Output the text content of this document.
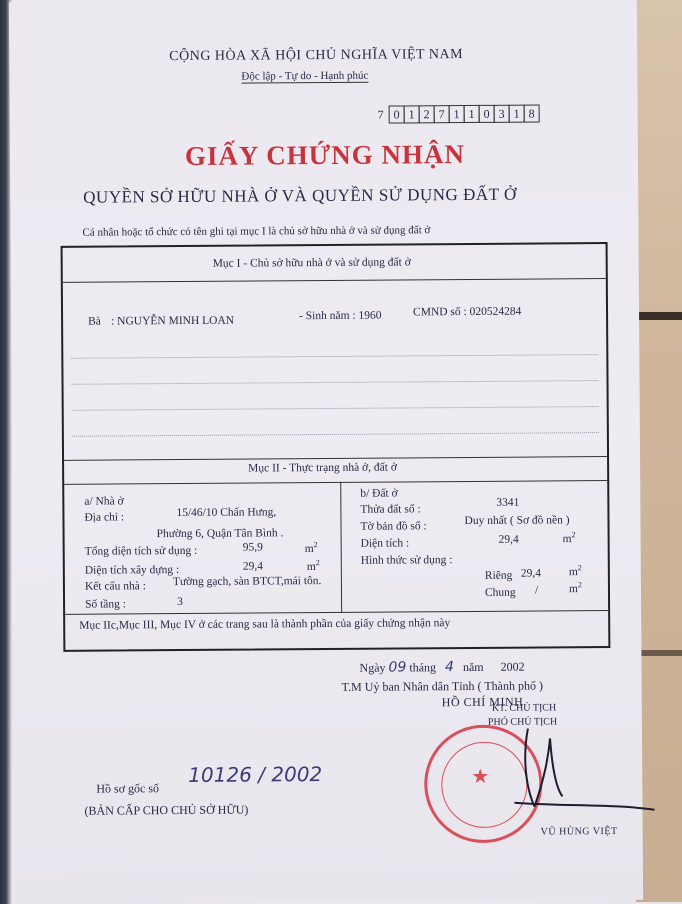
CỘNG HÒA XÃ HỘI CHỦ NGHĨA VIỆT NAM
Độc lập - Tự do - Hạnh phúc
7 0 1 2 7 1 1 0 3 1 8
GIẤY CHỨNG NHẬN
QUYỀN SỞ HỮU NHÀ Ở VÀ QUYỀN SỬ DỤNG ĐẤT Ở
Cá nhân hoặc tổ chức có tên ghi tại mục I là chủ sở hữu nhà ở và sử dụng đất ở
Mục I - Chủ sở hữu nhà ở và sử dụng đất ở
Bà : NGUYỄN MINH LOAN	- Sinh năm : 1960	CMND số : 020524284
Mục II - Thực trạng nhà ở, đất ở
a/ Nhà ở
Địa chỉ :	15/46/10 Chấn Hưng,
Phường 6, Quận Tân Bình .
Tổng diện tích sử dụng :	95,9	$m^2$
Diện tích xây dựng :	29,4	$m^2$
Kết cấu nhà : Tường gạch, sàn BTCT,mái tôn.
Số tầng :	3
b/ Đất ở
Thửa đất số :
3341
Tờ bản đồ số :	Duy nhất ( Sơ đồ nền )
Diện tích :	29,4	$m^2$
Hình thức sử dụng :
Riêng 29,4 $m^2$
Chung /	$m^2$
Mục IIc,Mục III, Mục IV ở các trang sau là thành phần của giấy chứng nhận này
Ngày 09 tháng 4 năm 2002
T.M Uỷ ban Nhân dân Tỉnh ( Thành phố )
HỒ CHÍ MINH
KT. CHỦ TỊCH
PHÓ CHỦ TỊCH
★
VŨ HÙNG VIỆT
Hồ sơ gốc số
10126 / 2002
(BẢN CẤP CHO CHỦ SỞ HỮU)
